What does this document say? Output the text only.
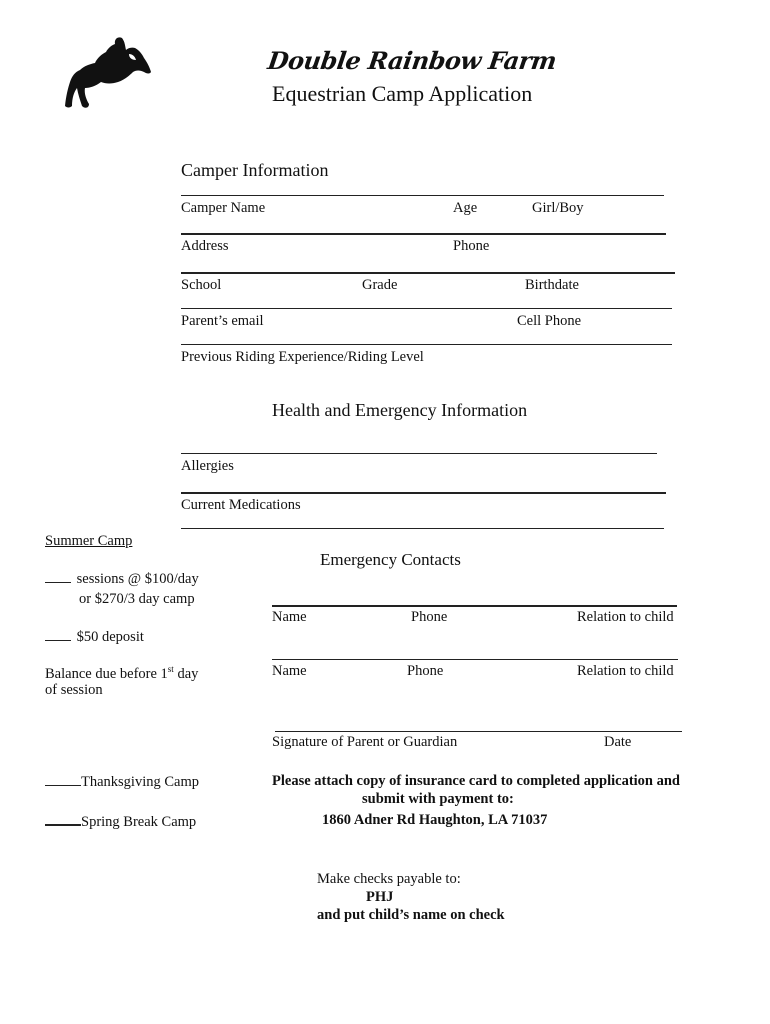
Double Rainbow Farm
Equestrian Camp Application
Camper Information
Camper Name	Age	Girl/Boy
Address	Phone
School	Grade	Birthdate
Parent’s email	Cell Phone
Previous Riding Experience/Riding Level
Health and Emergency Information
Allergies
Current Medications
Summer Camp
sessions @ $100/day
or $270/3 day camp
$50 deposit
Balance due before 1st day
of session
Thanksgiving Camp
Spring Break Camp
Emergency Contacts
Name	Phone	Relation to child
Name	Phone	Relation to child
Signature of Parent or Guardian	Date
Please attach copy of insurance card to completed application and
submit with payment to:
1860 Adner Rd Haughton, LA 71037
Make checks payable to:
PHJ
and put child’s name on check
